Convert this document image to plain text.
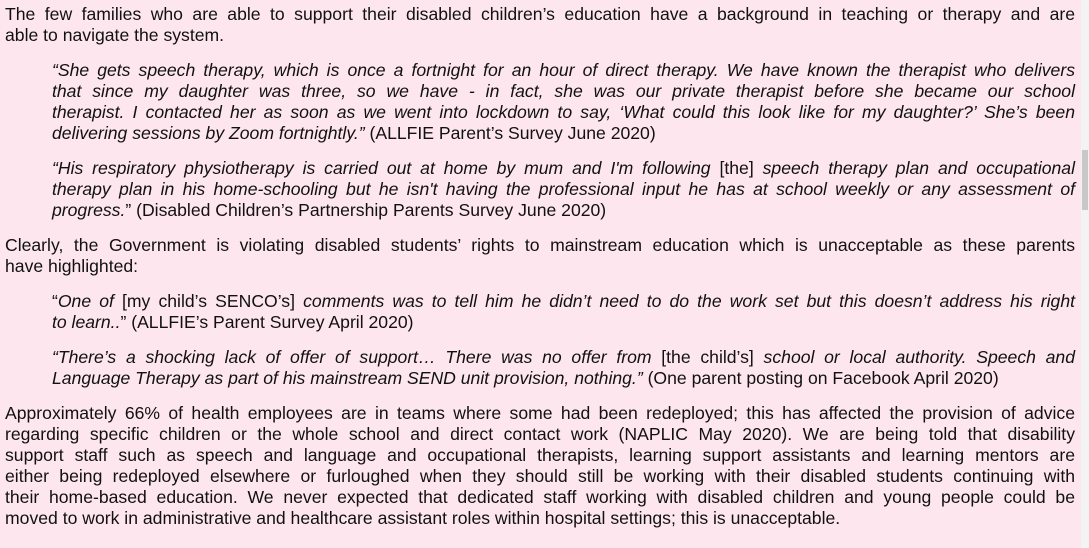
The few families who are able to support their disabled children’s education have a background in teaching or therapy and are
able to navigate the system.
“She gets speech therapy, which is once a fortnight for an hour of direct therapy. We have known the therapist who delivers
that since my daughter was three, so we have - in fact, she was our private therapist before she became our school
therapist. I contacted her as soon as we went into lockdown to say, ‘What could this look like for my daughter?’ She’s been
delivering sessions by Zoom fortnightly.” (ALLFIE Parent’s Survey June 2020)
“His respiratory physiotherapy is carried out at home by mum and I'm following [the] speech therapy plan and occupational
therapy plan in his home-schooling but he isn't having the professional input he has at school weekly or any assessment of
progress.” (Disabled Children’s Partnership Parents Survey June 2020)
Clearly, the Government is violating disabled students’ rights to mainstream education which is unacceptable as these parents
have highlighted:
“One of [my child’s SENCO’s] comments was to tell him he didn’t need to do the work set but this doesn’t address his right
to learn..” (ALLFIE’s Parent Survey April 2020)
“There’s a shocking lack of offer of support… There was no offer from [the child’s] school or local authority. Speech and
Language Therapy as part of his mainstream SEND unit provision, nothing.” (One parent posting on Facebook April 2020)
Approximately 66% of health employees are in teams where some had been redeployed; this has affected the provision of advice
regarding specific children or the whole school and direct contact work (NAPLIC May 2020). We are being told that disability
support staff such as speech and language and occupational therapists, learning support assistants and learning mentors are
either being redeployed elsewhere or furloughed when they should still be working with their disabled students continuing with
their home-based education. We never expected that dedicated staff working with disabled children and young people could be
moved to work in administrative and healthcare assistant roles within hospital settings; this is unacceptable.
